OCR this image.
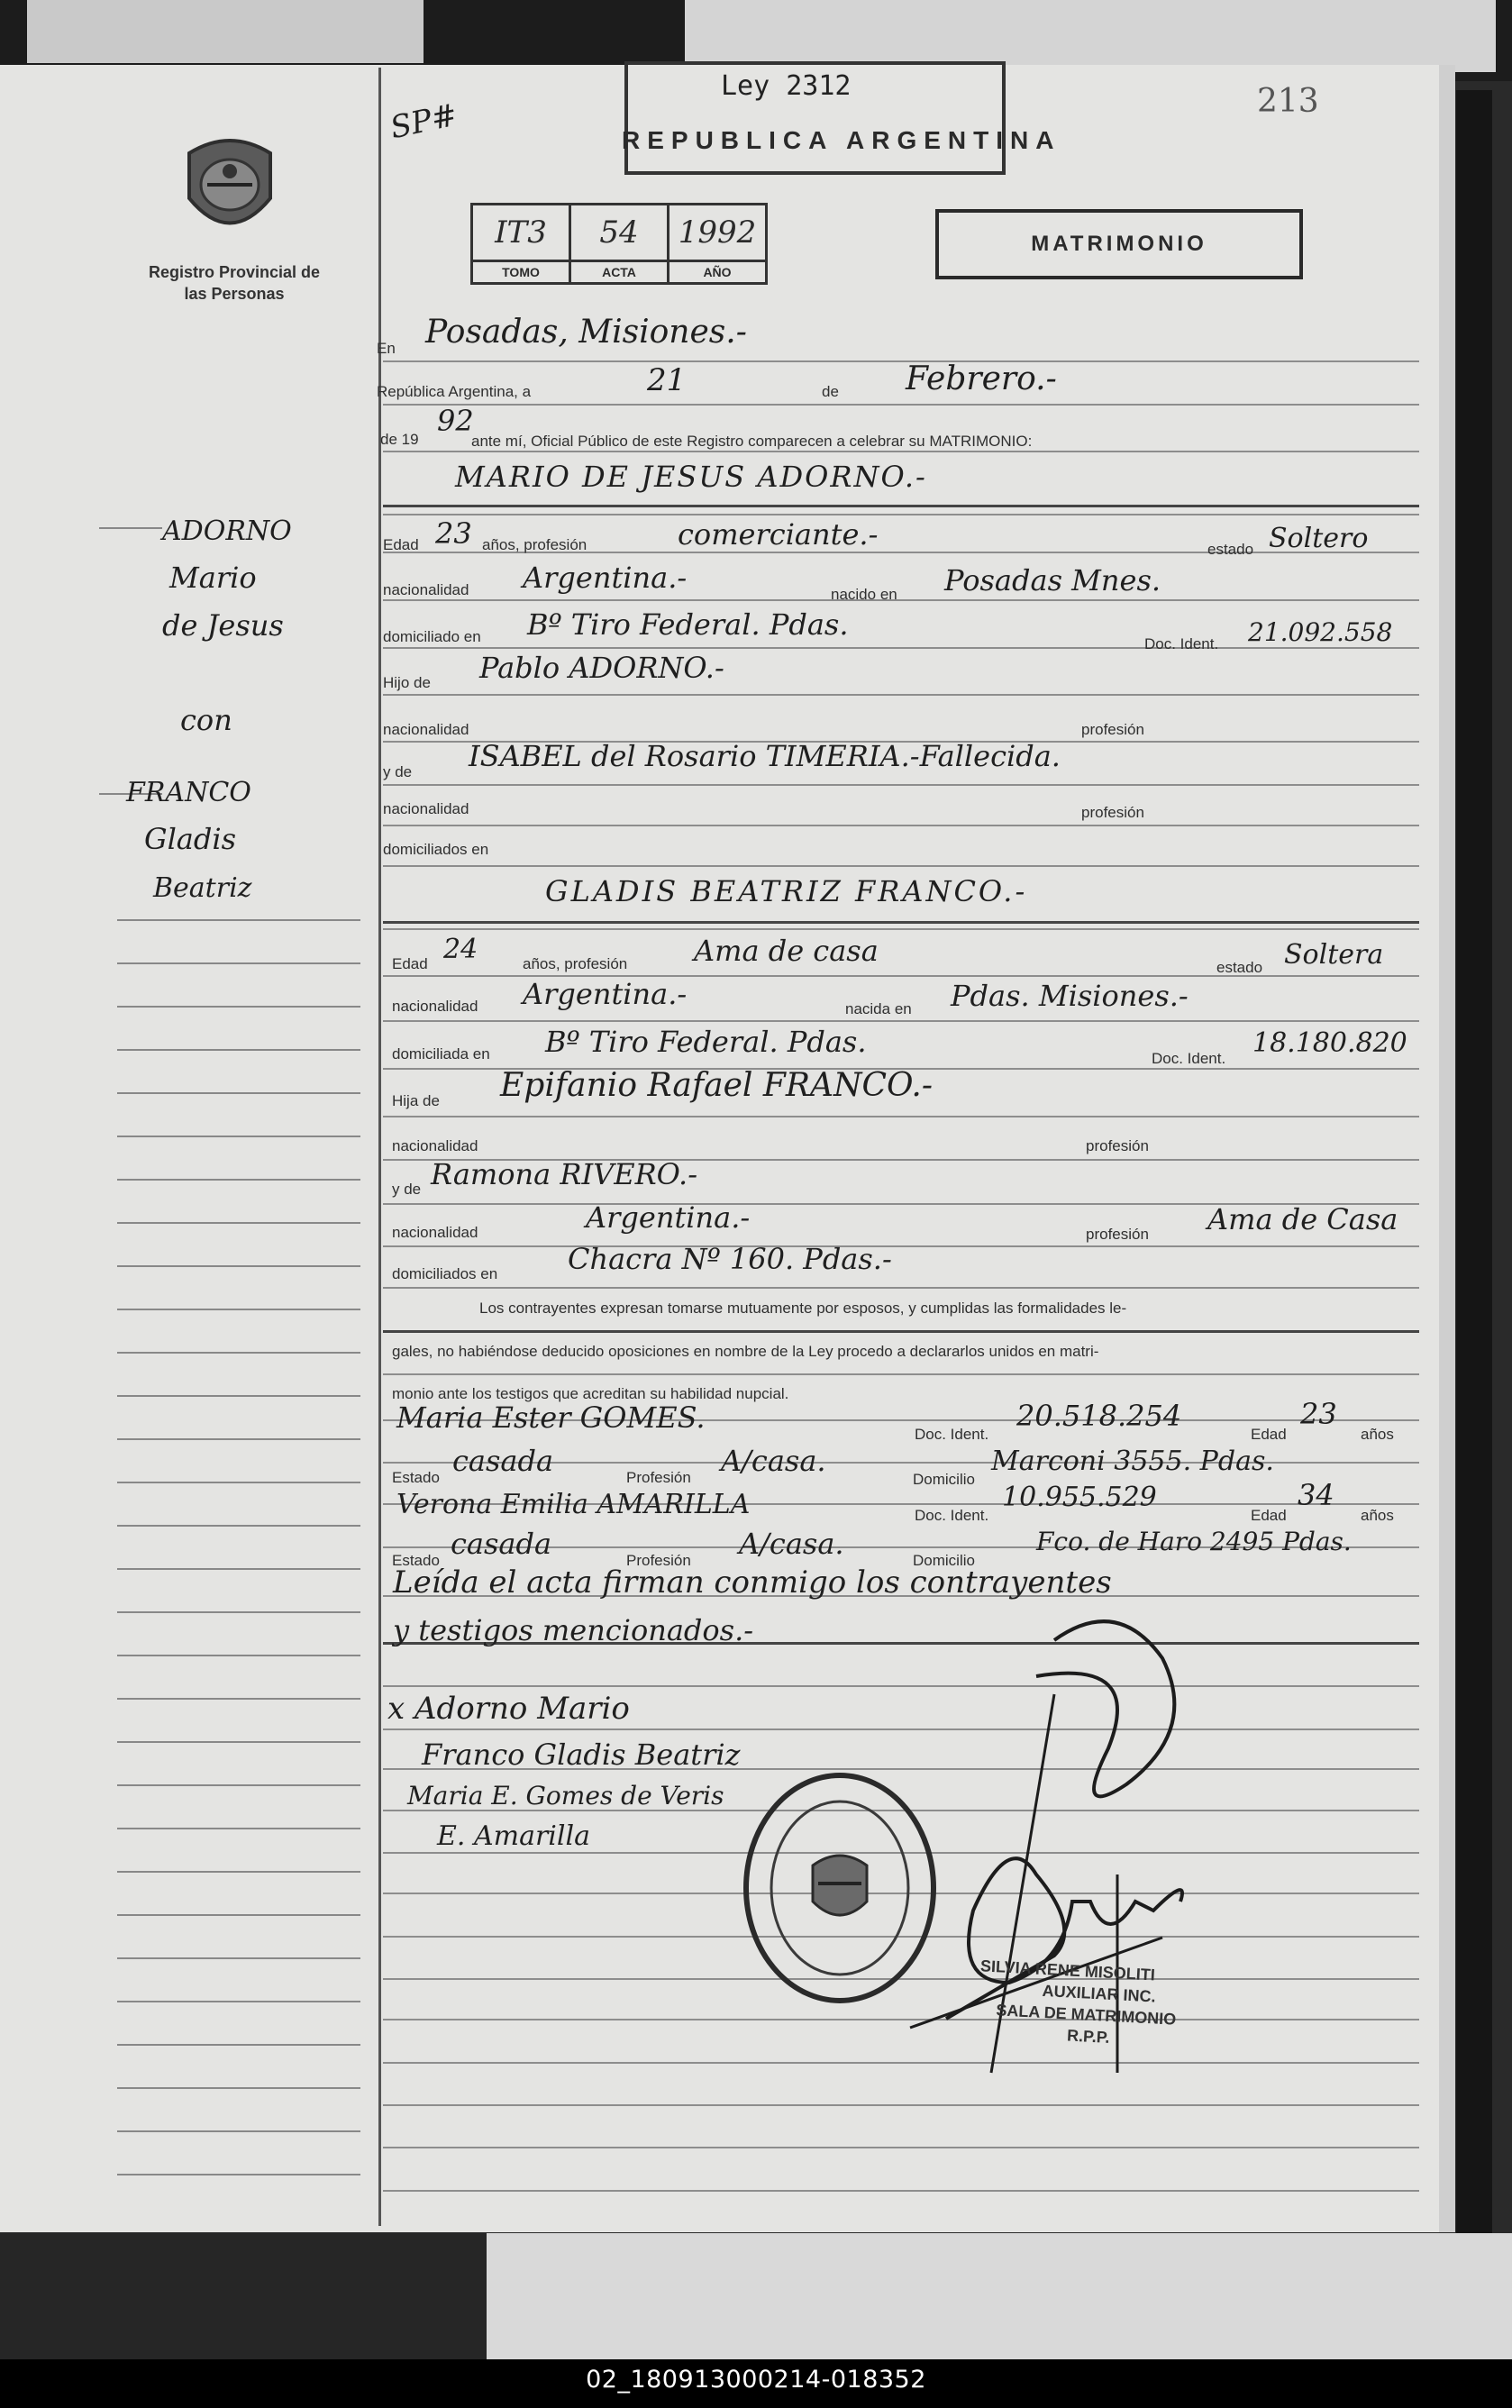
Registro Provincial de las Personas
SP#
Ley 2312
REPUBLICA ARGENTINA
213
IT3	54	1992
TOMO	ACTA	AÑO
MATRIMONIO
ADORNO
Mario
de Jesus
con
FRANCO
Gladis
Beatriz
En Posadas, Misiones.-
República Argentina, a	21	de Febrero.-
de 19
92
ante mí, Oficial Público de este Registro comparecen a celebrar su MATRIMONIO:
MARIO DE JESUS ADORNO.-
Edad 23 años, profesión	comerciante.-	estado Soltero
nacionalidad Argentina.-	nacido en Posadas Mnes.
domiciliado en Bº Tiro Federal. Pdas.
Doc. Ident. 21.092.558
Hijo de Pablo ADORNO.-
nacionalidad	profesión
y de ISABEL del Rosario TIMERIA.-Fallecida.
nacionalidad	profesión
domiciliados en
GLADIS BEATRIZ FRANCO.-
Edad 24	años, profesión Ama de casa	estado Soltera
nacionalidad Argentina.-	nacida en Pdas. Misiones.-
domiciliada en Bº Tiro Federal. Pdas.	Doc. Ident. 18.180.820
Hija de Epifanio Rafael FRANCO.-
nacionalidad	profesión
y de Ramona RIVERO.-
nacionalidad	Argentina.-	profesión Ama de Casa
domiciliados en Chacra Nº 160. Pdas.-
Los contrayentes expresan tomarse mutuamente por esposos, y cumplidas las formalidades le-
gales, no habiéndose deducido oposiciones en nombre de la Ley procedo a declararlos unidos en matri-
monio ante los testigos que acreditan su habilidad nupcial.
Maria Ester GOMES.	Doc. Ident.
20.518.254
Edad
23
años
Estado casada	Profesión A/casa.
Domicilio
Marconi 3555. Pdas.
Verona Emilia AMARILLA	Doc. Ident.
10.955.529
Edad
34
años
Estado casada	Profesión A/casa.	Domicilio
Fco. de Haro 2495 Pdas.
Leída el acta firman conmigo los contrayentes
y testigos mencionados.-
x Adorno Mario
Franco Gladis Beatriz
Maria E. Gomes de Veris
E. Amarilla
SILVIA RENE MISOLITI
AUXILIAR INC.
SALA DE MATRIMONIO
R.P.P.
02_180913000214-018352
